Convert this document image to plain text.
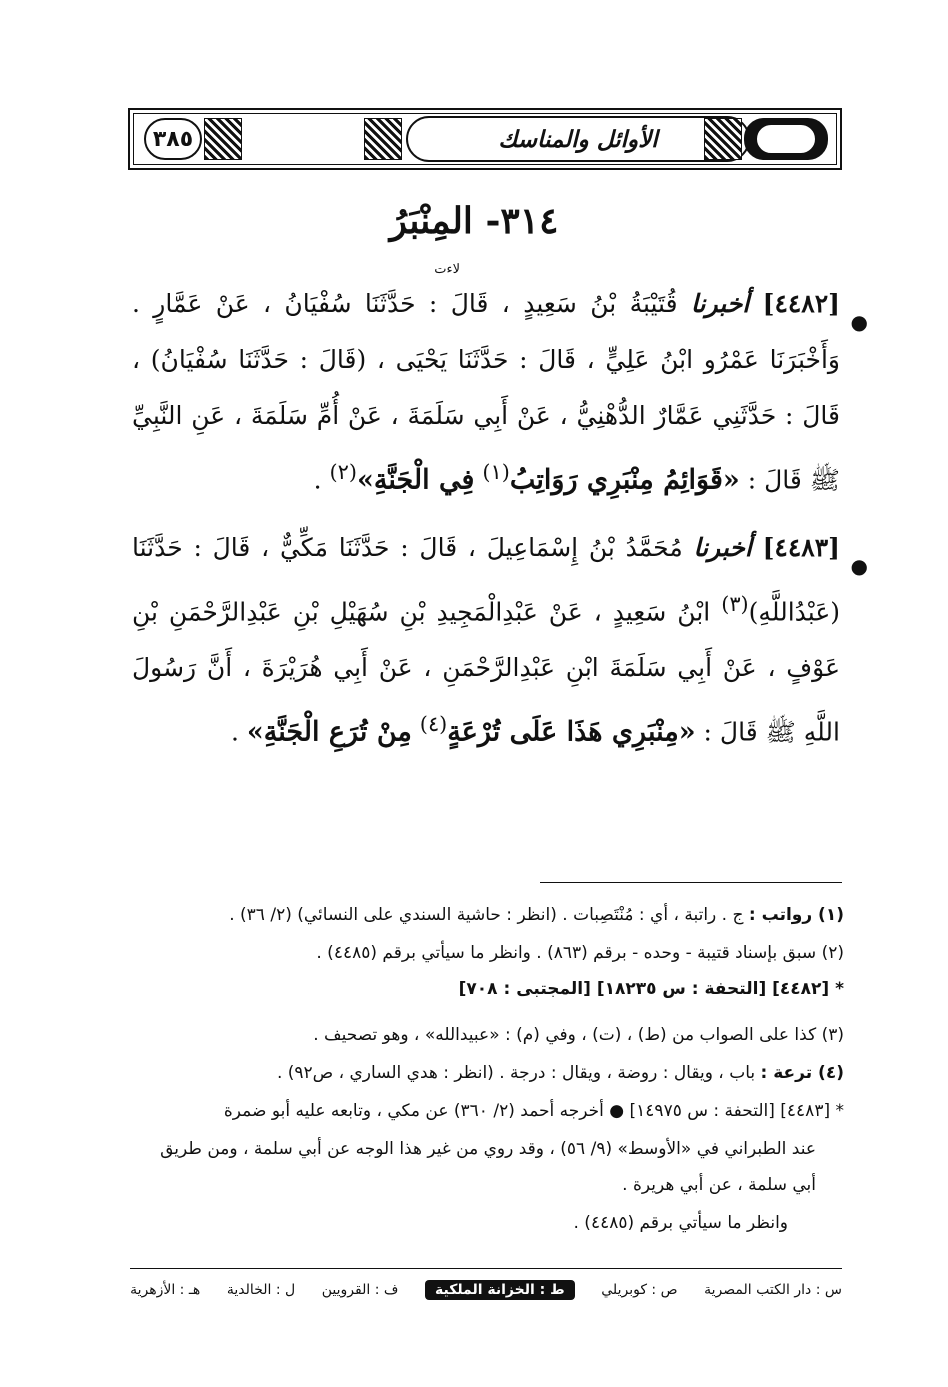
٣٨٥	الأوائل والمناسك
٣١٤- المِنْبَرُ
●
[٤٤٨٢] أخبرنا قُتَيْبَةُ بْنُ سَعِيدٍ ، قَالَ : حَدَّثَنَا سُفْيَانُ ، عَنْ عَمَّارٍ . وَأَخْبَرَنَا عَمْرُو ابْنُ عَلِيٍّ ، قَالَ : حَدَّثَنَا يَحْيَى ، (قَالَ : حَدَّثَنَا سُفْيَانُ) ، قَالَ : حَدَّثَنِي عَمَّارٌ الدُّهْنِيُّ ، عَنْ أَبِي سَلَمَةَ ، عَنْ أُمِّ سَلَمَةَ ، عَنِ النَّبِيِّ ﷺ قَالَ : «قَوَائِمُ مِنْبَرِي رَوَاتِبُ$^{(١)}$ فِي الْجَنَّةِ»$^{(٢)}$ .
لاءت
●
[٤٤٨٣] أخبرنا مُحَمَّدُ بْنُ إِسْمَاعِيلَ ، قَالَ : حَدَّثَنَا مَكِّيٌّ ، قَالَ : حَدَّثَنَا (عَبْدُاللَّهِ)$^{(٣)}$ ابْنُ سَعِيدٍ ، عَنْ عَبْدِالْمَجِيدِ بْنِ سُهَيْلِ بْنِ عَبْدِالرَّحْمَنِ بْنِ عَوْفٍ ، عَنْ أَبِي سَلَمَةَ ابْنِ عَبْدِالرَّحْمَنِ ، عَنْ أَبِي هُرَيْرَةَ ، أَنَّ رَسُولَ اللَّهِ ﷺ قَالَ : «مِنْبَرِي هَذَا عَلَى تُرْعَةٍ$^{(٤)}$ مِنْ تُرَعِ الْجَنَّةِ» .
(١) رواتب : ج . راتبة ، أي : مُنْتَصِبات . (انظر : حاشية السندي على النسائي) (٢/ ٣٦) .
(٢) سبق بإسناد قتيبة - وحده - برقم (٨٦٣) . وانظر ما سيأتي برقم (٤٤٨٥) .
* [٤٤٨٢] [التحفة : س ١٨٢٣٥] [المجتبى : ٧٠٨]
(٣) كذا على الصواب من (ط) ، (ت) ، وفي (م) : «عبيدالله» ، وهو تصحيف .
(٤) ترعة : باب ، ويقال : روضة ، ويقال : درجة . (انظر : هدي الساري ، ص٩٢) .
* [٤٤٨٣] [التحفة : س ١٤٩٧٥] ● أخرجه أحمد (٢/ ٣٦٠) عن مكي ، وتابعه عليه أبو ضمرة
عند الطبراني في «الأوسط» (٩/ ٥٦) ، وقد روي من غير هذا الوجه عن أبي سلمة ، ومن طريق
أبي سلمة ، عن أبي هريرة .
وانظر ما سيأتي برقم (٤٤٨٥) .
س : دار الكتب المصرية
ص : كوبريلي
ط : الخزانة الملكية
ف : القرويين
ل : الخالدية
هـ : الأزهرية
